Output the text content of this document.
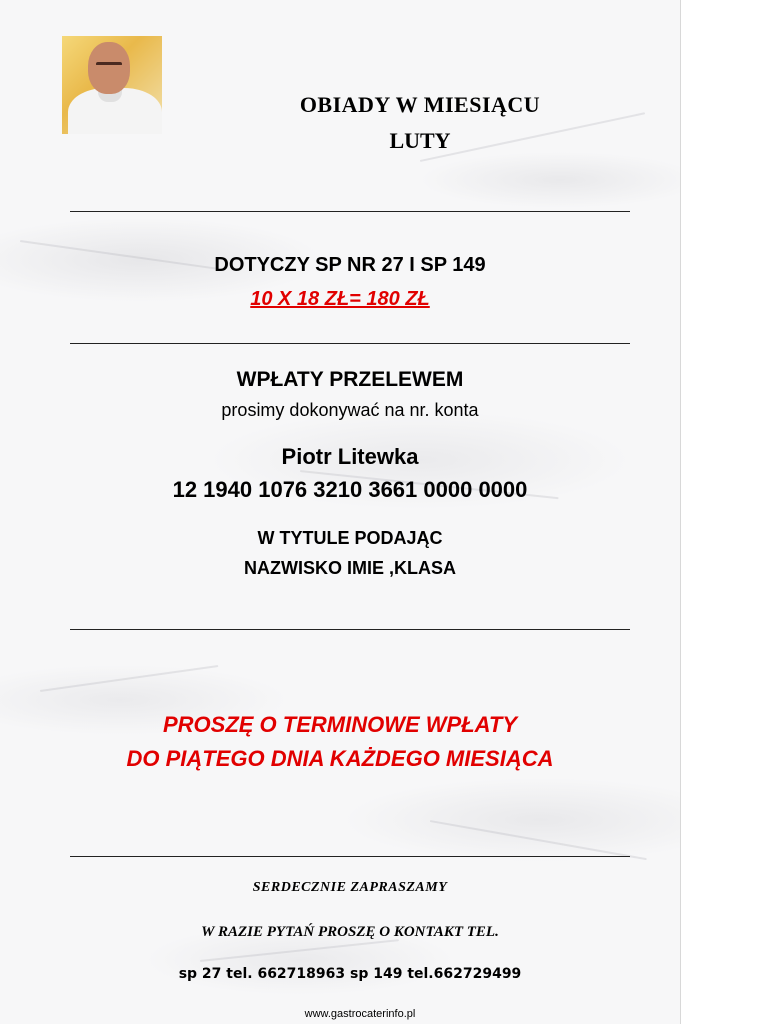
OBIADY W MIESIĄCU
LUTY
DOTYCZY SP NR 27 I SP 149
10 X 18 ZŁ= 180 ZŁ
WPŁATY PRZELEWEM
prosimy dokonywać na nr. konta
Piotr Litewka
12 1940 1076 3210 3661 0000 0000
W TYTULE PODAJĄC
NAZWISKO IMIE ,KLASA
PROSZĘ O TERMINOWE WPŁATY
DO PIĄTEGO DNIA KAŻDEGO MIESIĄCA
SERDECZNIE ZAPRASZAMY
W RAZIE PYTAŃ PROSZĘ O KONTAKT TEL.
sp 27 tel. 662718963 sp 149 tel.662729499
www.gastrocaterinfo.pl
